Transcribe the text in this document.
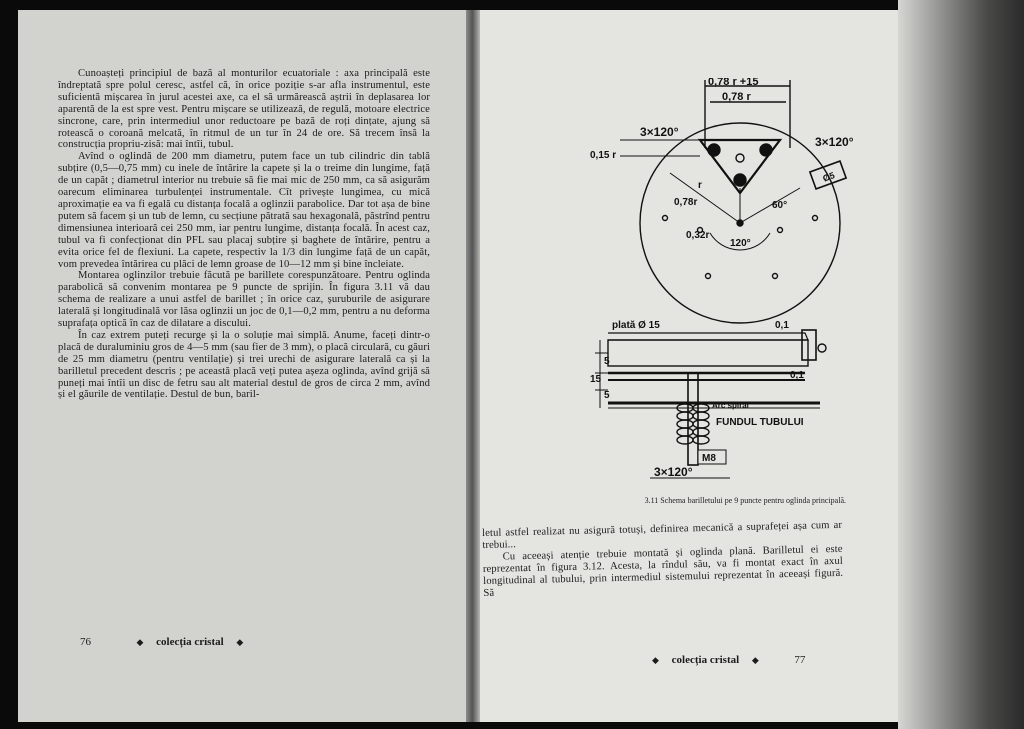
Cunoașteți principiul de bază al monturilor ecuatoriale : axa principală este îndreptată spre polul ceresc, astfel că, în orice poziție s-ar afla instrumentul, este suficientă mișcarea în jurul acestei axe, ca el să urmărească aștrii în deplasarea lor aparentă de la est spre vest. Pentru mișcare se utilizează, de regulă, motoare electrice sincrone, care, prin intermediul unor reductoare pe bază de roți dințate, ajung să rotească o coroană melcată, în ritmul de un tur în 24 de ore. Să trecem însă la construcția propriu-zisă: mai întîi, tubul.

Avînd o oglindă de 200 mm diametru, putem face un tub cilindric din tablă subțire (0,5—0,75 mm) cu inele de întărire la capete și la o treime din lungime, față de un capăt ; diametrul interior nu trebuie să fie mai mic de 250 mm, ca să asigurăm oarecum eliminarea turbulenței instrumentale. Cît privește lungimea, cu mică aproximație ea va fi egală cu distanța focală a oglinzii parabolice. Dar tot așa de bine putem să facem și un tub de lemn, cu secțiune pătrată sau hexagonală, păstrînd pentru dimensiunea interioară cei 250 mm, iar pentru lungime, distanța focală. În acest caz, tubul va fi confecționat din PFL sau placaj subțire și baghete de întărire, pentru a evita orice fel de flexiuni. La capete, respectiv la 1/3 din lungime față de un capăt, vom prevedea întărirea cu plăci de lemn groase de 10—12 mm și bine încleiate.

Montarea oglinzilor trebuie făcută pe barillete corespunzătoare. Pentru oglinda parabolică să convenim montarea pe 9 puncte de sprijin. În figura 3.11 vă dau schema de realizare a unui astfel de barillet ; în orice caz, șuruburile de asigurare laterală și longitudinală vor lăsa oglinzii un joc de 0,1—0,2 mm, pentru a nu deforma suprafața optică în caz de dilatare a discului.

În caz extrem puteți recurge și la o soluție mai simplă. Anume, faceți dintr-o placă de duraluminiu gros de 4—5 mm (sau fier de 3 mm), o placă circulară, cu găuri de 25 mm diametru (pentru ventilație) și trei urechi de asigurare laterală ca și la barilletul precedent descris ; pe această placă veți putea așeza oglinda, avînd grijă să puneți mai întîi un disc de fetru sau alt material destul de gros de circa 2 mm, avînd și el găurile de ventilație. Destul de bun, baril-

76	◆ colecția cristal ◆
0,78 r +15
0,78 r
3×120°
3×120°
0,15 r
r
0,78r
0,32r
60°
120°
Ø5
plată Ø 15	0,1
0,1
5
15
5
Arc spiral
FUNDUL TUBULUI
M8
3×120°
3.11 Schema barilletului pe 9 puncte pentru oglinda principală.

letul astfel realizat nu asigură totuși, definirea mecanică a suprafeței așa cum ar trebui...

Cu aceeași atenție trebuie montată și oglinda plană. Barilletul ei este reprezentat în figura 3.12. Acesta, la rîndul său, va fi montat exact în axul longitudinal al tubului, prin intermediul sistemului reprezentat în aceeași figură. Să

◆ colecția cristal ◆	77
